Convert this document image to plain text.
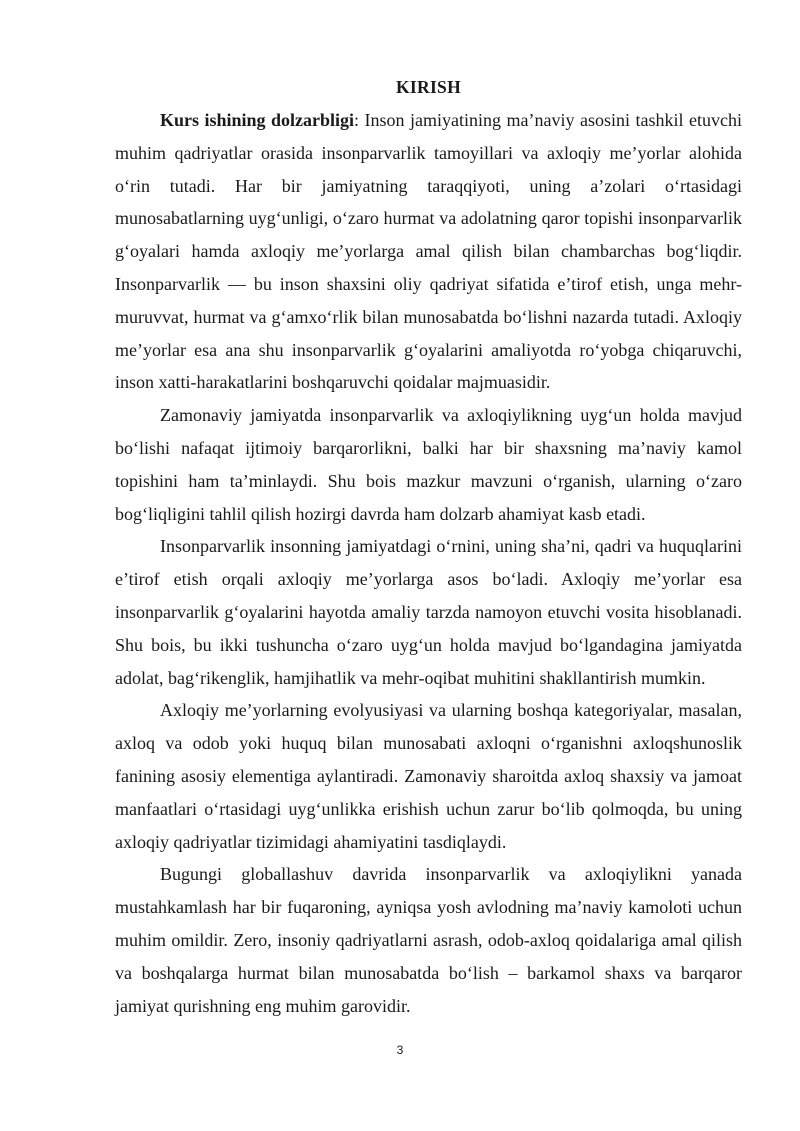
KIRISH

Kurs ishining dolzarbligi: Inson jamiyatining ma’naviy asosini tashkil etuvchi muhim qadriyatlar orasida insonparvarlik tamoyillari va axloqiy me’yorlar alohida o‘rin tutadi. Har bir jamiyatning taraqqiyoti, uning a’zolari o‘rtasidagi munosabatlarning uyg‘unligi, o‘zaro hurmat va adolatning qaror topishi insonparvarlik g‘oyalari hamda axloqiy me’yorlarga amal qilish bilan chambarchas bog‘liqdir. Insonparvarlik — bu inson shaxsini oliy qadriyat sifatida e’tirof etish, unga mehr-muruvvat, hurmat va g‘amxo‘rlik bilan munosabatda bo‘lishni nazarda tutadi. Axloqiy me’yorlar esa ana shu insonparvarlik g‘oyalarini amaliyotda ro‘yobga chiqaruvchi, inson xatti-harakatlarini boshqaruvchi qoidalar majmuasidir.

Zamonaviy jamiyatda insonparvarlik va axloqiylikning uyg‘un holda mavjud bo‘lishi nafaqat ijtimoiy barqarorlikni, balki har bir shaxsning ma’naviy kamol topishini ham ta’minlaydi. Shu bois mazkur mavzuni o‘rganish, ularning o‘zaro bog‘liqligini tahlil qilish hozirgi davrda ham dolzarb ahamiyat kasb etadi.

Insonparvarlik insonning jamiyatdagi o‘rnini, uning sha’ni, qadri va huquqlarini e’tirof etish orqali axloqiy me’yorlarga asos bo‘ladi. Axloqiy me’yorlar esa insonparvarlik g‘oyalarini hayotda amaliy tarzda namoyon etuvchi vosita hisoblanadi. Shu bois, bu ikki tushuncha o‘zaro uyg‘un holda mavjud bo‘lgandagina jamiyatda adolat, bag‘rikenglik, hamjihatlik va mehr-oqibat muhitini shakllantirish mumkin.

Axloqiy me’yorlarning evolyusiyasi va ularning boshqa kategoriyalar, masalan, axloq va odob yoki huquq bilan munosabati axloqni o‘rganishni axloqshunoslik fanining asosiy elementiga aylantiradi. Zamonaviy sharoitda axloq shaxsiy va jamoat manfaatlari o‘rtasidagi uyg‘unlikka erishish uchun zarur bo‘lib qolmoqda, bu uning axloqiy qadriyatlar tizimidagi ahamiyatini tasdiqlaydi.

Bugungi globallashuv davrida insonparvarlik va axloqiylikni yanada mustahkamlash har bir fuqaroning, ayniqsa yosh avlodning ma’naviy kamoloti uchun muhim omildir. Zero, insoniy qadriyatlarni asrash, odob-axloq qoidalariga amal qilish va boshqalarga hurmat bilan munosabatda bo‘lish – barkamol shaxs va barqaror jamiyat qurishning eng muhim garovidir.

3
